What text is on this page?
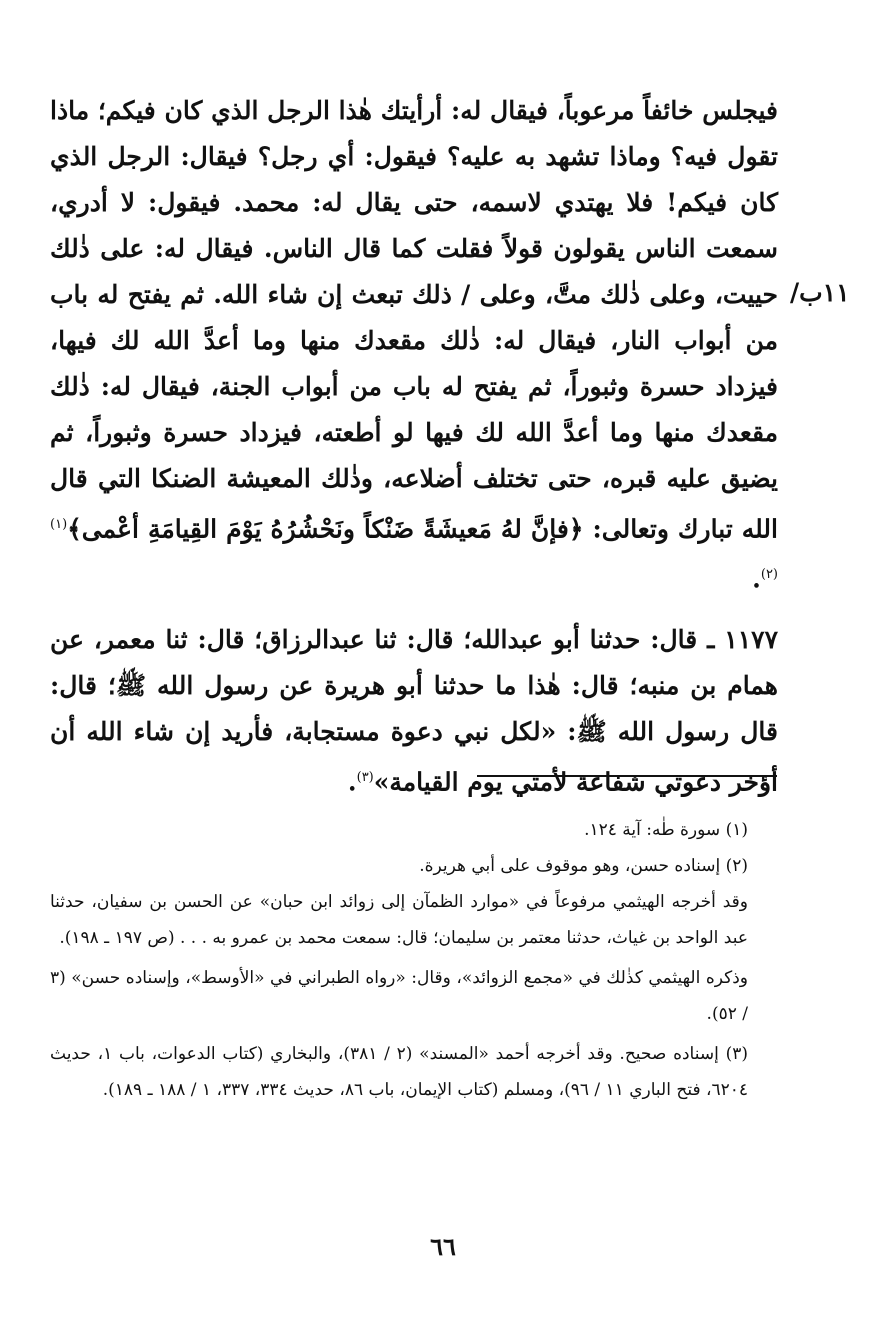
١١ب/

فيجلس خائفاً مرعوباً، فيقال له: أرأيتك هٰذا الرجل الذي كان فيكم؛ ماذا تقول فيه؟ وماذا تشهد به عليه؟ فيقول: أي رجل؟ فيقال: الرجل الذي كان فيكم! فلا يهتدي لاسمه، حتى يقال له: محمد. فيقول: لا أدري، سمعت الناس يقولون قولاً فقلت كما قال الناس. فيقال له: على ذٰلك حييت، وعلى ذٰلك متَّ، وعلى / ذلك تبعث إن شاء الله. ثم يفتح له باب من أبواب النار، فيقال له: ذٰلك مقعدك منها وما أعدَّ الله لك فيها، فيزداد حسرة وثبوراً، ثم يفتح له باب من أبواب الجنة، فيقال له: ذٰلك مقعدك منها وما أعدَّ الله لك فيها لو أطعته، فيزداد حسرة وثبوراً، ثم يضيق عليه قبره، حتى تختلف أضلاعه، وذٰلك المعيشة الضنكا التي قال الله تبارك وتعالى: ﴿فإنَّ لهُ مَعيشَةً ضَنْكاً ونَحْشُرُهُ يَوْمَ القِيامَةِ أعْمى﴾$^{(١)(٢)}$.

١١٧٧ ـ قال: حدثنا أبو عبدالله؛ قال: ثنا عبدالرزاق؛ قال: ثنا معمر، عن همام بن منبه؛ قال: هٰذا ما حدثنا أبو هريرة عن رسول الله ﷺ؛ قال: قال رسول الله ﷺ: «لكل نبي دعوة مستجابة، فأريد إن شاء الله أن أؤخر دعوتي شفاعة لأمتي يوم القيامة»$^{(٣)}$.

(١) سورة طٰه: آية ١٢٤.

(٢) إسناده حسن، وهو موقوف على أبي هريرة.

وقد أخرجه الهيثمي مرفوعاً في «موارد الظمآن إلى زوائد ابن حبان» عن الحسن بن سفيان، حدثنا عبد الواحد بن غياث، حدثنا معتمر بن سليمان؛ قال: سمعت محمد بن عمرو به . . . (ص ١٩٧ ـ ١٩٨).

وذكره الهيثمي كذٰلك في «مجمع الزوائد»، وقال: «رواه الطبراني في «الأوسط»، وإسناده حسن» (٣ / ٥٢).

(٣) إسناده صحيح. وقد أخرجه أحمد «المسند» (٢ / ٣٨١)، والبخاري (كتاب الدعوات، باب ١، حديث ٦٢٠٤، فتح الباري ١١ / ٩٦)، ومسلم (كتاب الإيمان، باب ٨٦، حديث ٣٣٤، ٣٣٧، ١ / ١٨٨ ـ ١٨٩).

٦٦
